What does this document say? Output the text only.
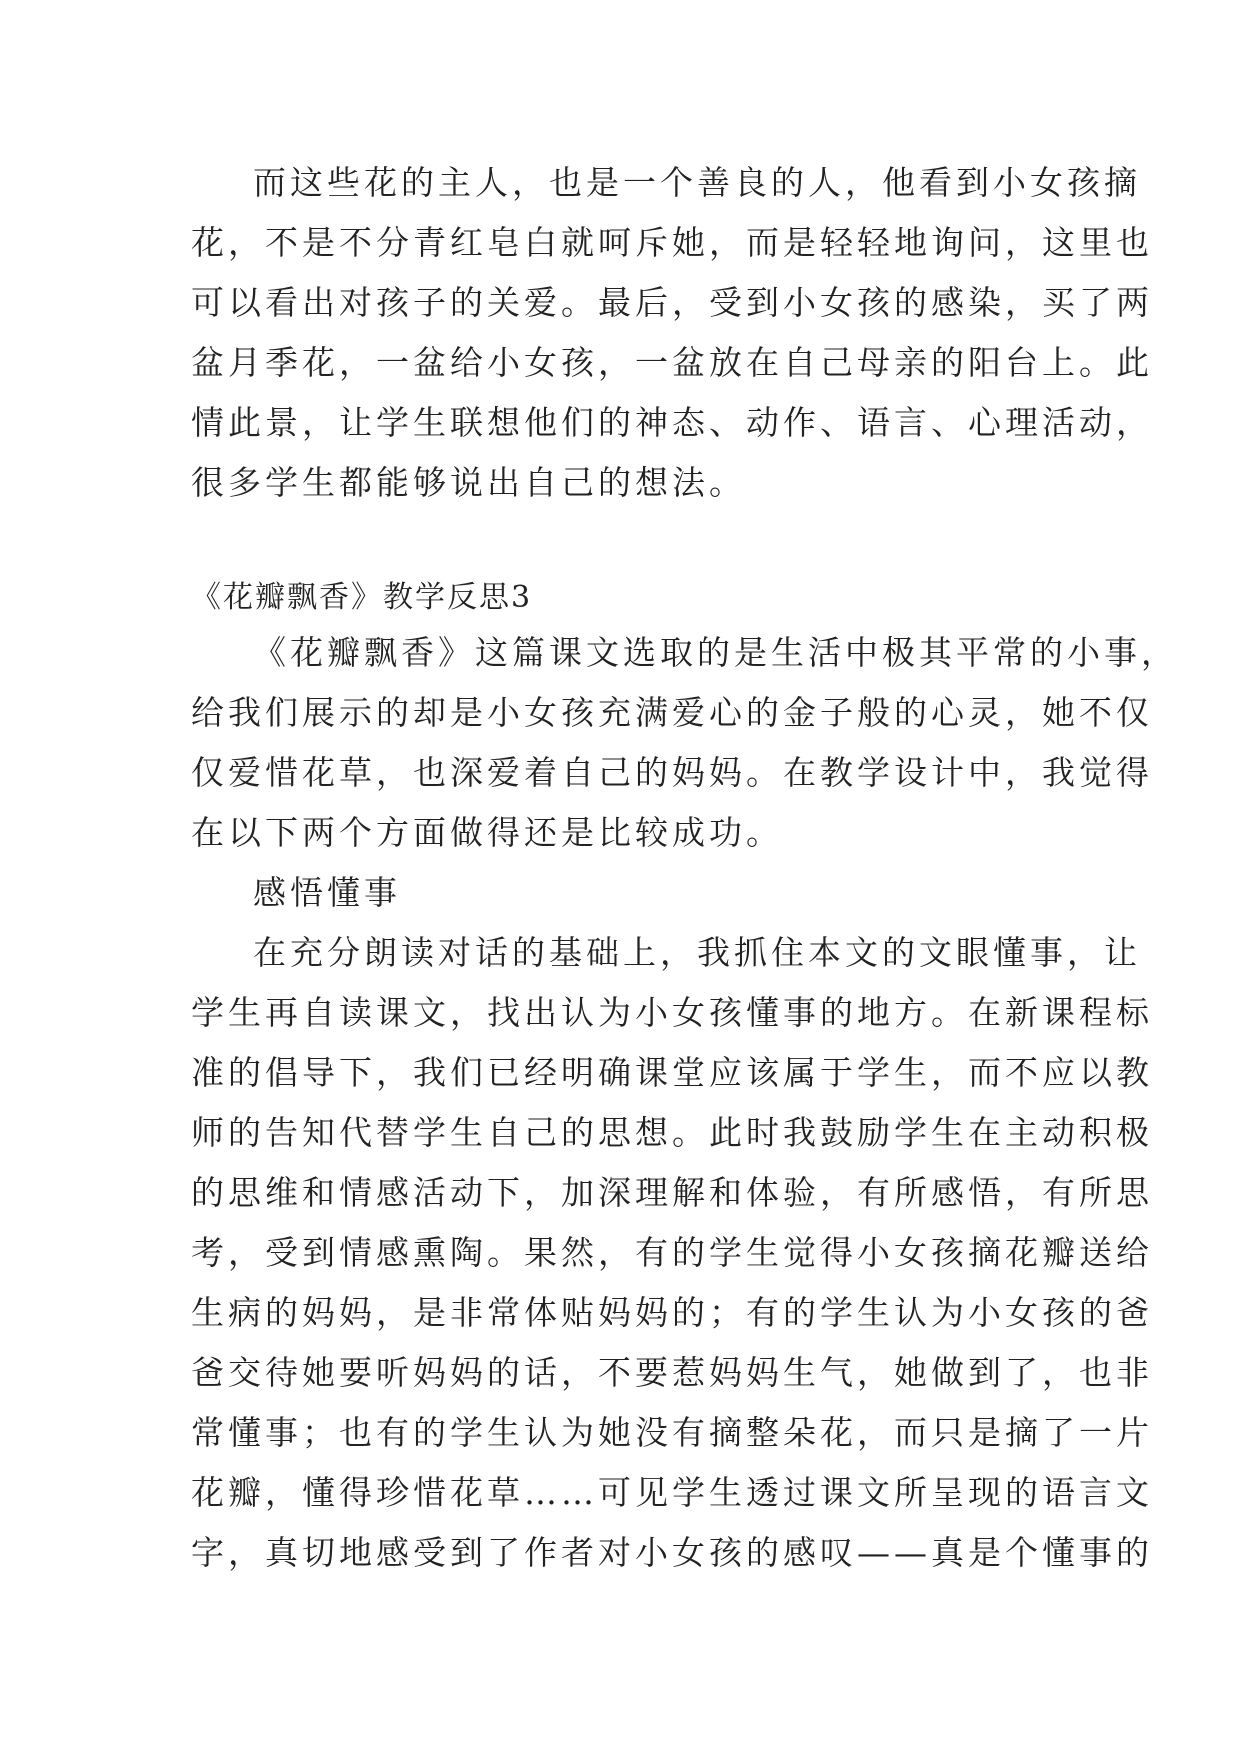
而这些花的主人，也是一个善良的人，他看到小女孩摘
花，不是不分青红皂白就呵斥她，而是轻轻地询问，这里也
可以看出对孩子的关爱。最后，受到小女孩的感染，买了两
盆月季花，一盆给小女孩，一盆放在自己母亲的阳台上。此
情此景，让学生联想他们的神态、动作、语言、心理活动，
很多学生都能够说出自己的想法。
《花瓣飘香》教学反思3
《花瓣飘香》这篇课文选取的是生活中极其平常的小事，
给我们展示的却是小女孩充满爱心的金子般的心灵，她不仅
仅爱惜花草，也深爱着自己的妈妈。在教学设计中，我觉得
在以下两个方面做得还是比较成功。
感悟懂事
在充分朗读对话的基础上，我抓住本文的文眼懂事，让
学生再自读课文，找出认为小女孩懂事的地方。在新课程标
准的倡导下，我们已经明确课堂应该属于学生，而不应以教
师的告知代替学生自己的思想。此时我鼓励学生在主动积极
的思维和情感活动下，加深理解和体验，有所感悟，有所思
考，受到情感熏陶。果然，有的学生觉得小女孩摘花瓣送给
生病的妈妈，是非常体贴妈妈的；有的学生认为小女孩的爸
爸交待她要听妈妈的话，不要惹妈妈生气，她做到了，也非
常懂事；也有的学生认为她没有摘整朵花，而只是摘了一片
花瓣，懂得珍惜花草……可见学生透过课文所呈现的语言文
字，真切地感受到了作者对小女孩的感叹——真是个懂事的
